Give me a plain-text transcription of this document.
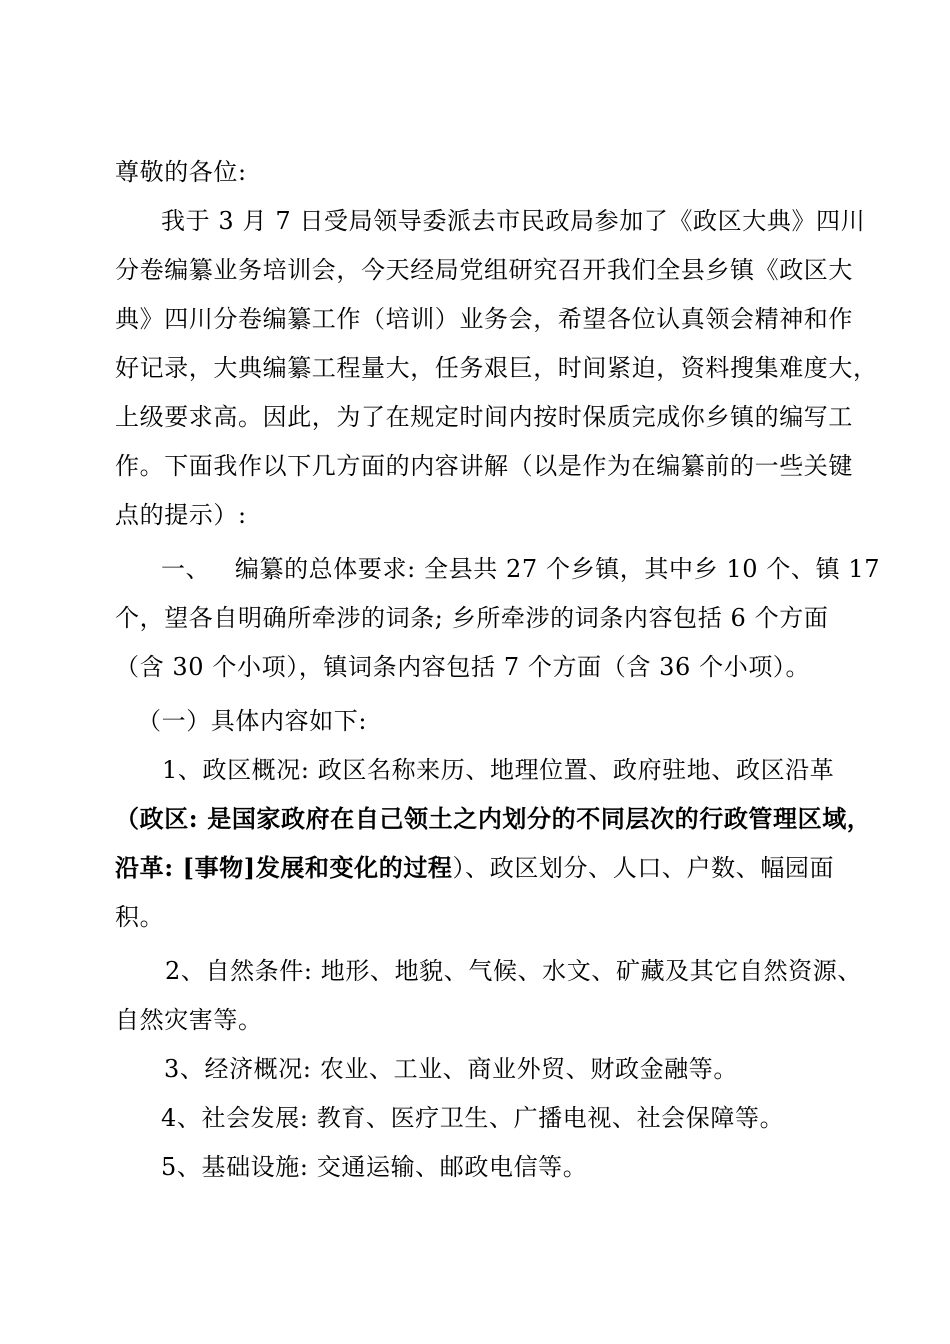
尊敬的各位:
我于 3 月 7 日受局领导委派去市民政局参加了《政区大典》四川
分卷编纂业务培训会，今天经局党组研究召开我们全县乡镇《政区大
典》四川分卷编纂工作（培训）业务会，希望各位认真领会精神和作
好记录，大典编纂工程量大，任务艰巨，时间紧迫，资料搜集难度大，
上级要求高。因此，为了在规定时间内按时保质完成你乡镇的编写工
作。下面我作以下几方面的内容讲解（以是作为在编纂前的一些关键
点的提示）:
一、   编纂的总体要求: 全县共 27 个乡镇，其中乡 10 个、镇 17
个，望各自明确所牵涉的词条; 乡所牵涉的词条内容包括 6 个方面
（含 30 个小项），镇词条内容包括 7 个方面（含 36 个小项）。
（一）具体内容如下:
1、政区概况: 政区名称来历、地理位置、政府驻地、政区沿革
（政区: 是国家政府在自己领土之内划分的不同层次的行政管理区域，
沿革: [事物]发展和变化的过程）、政区划分、人口、户数、幅园面
积。
2、自然条件: 地形、地貌、气候、水文、矿藏及其它自然资源、
自然灾害等。
3、经济概况: 农业、工业、商业外贸、财政金融等。
4、社会发展: 教育、医疗卫生、广播电视、社会保障等。
5、基础设施: 交通运输、邮政电信等。
